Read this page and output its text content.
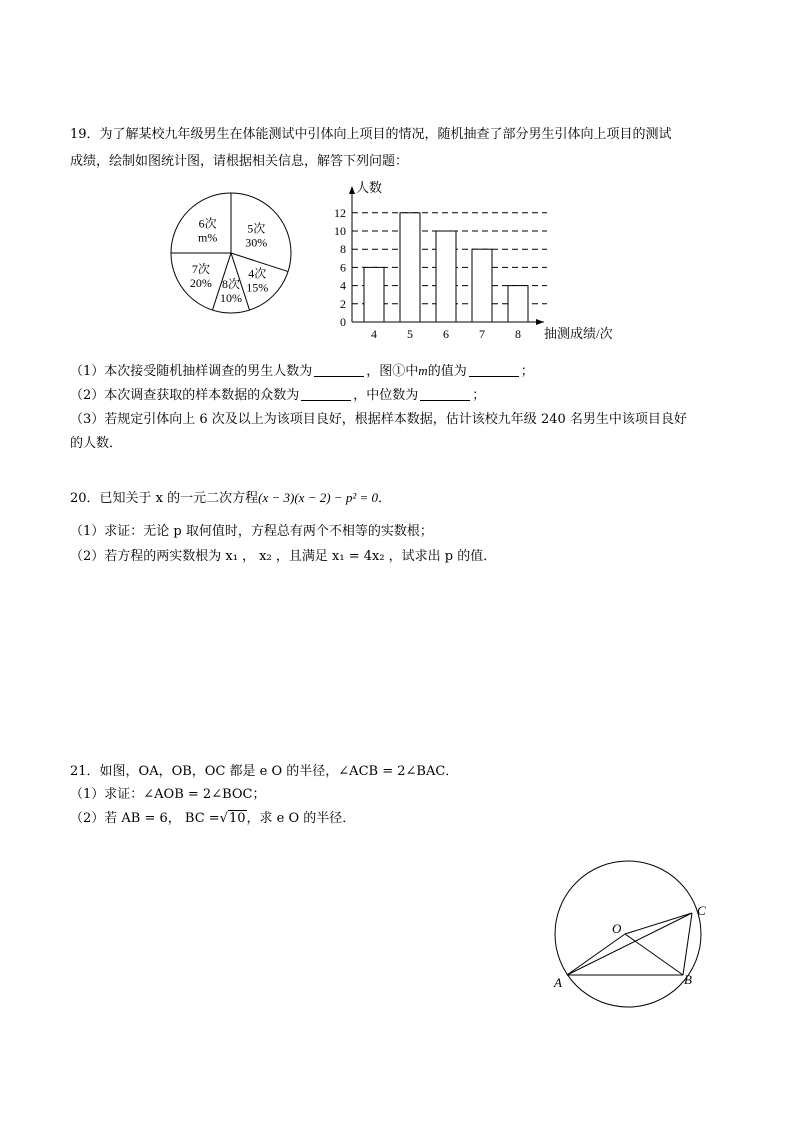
19．为了解某校九年级男生在体能测试中引体向上项目的情况，随机抽查了部分男生引体向上项目的测试
成绩，绘制如图统计图，请根据相关信息，解答下列问题：
5次
30%
4次
15%
8次
10%
7次
20%
6次
m%
人数
抽测成绩/次
0
2
4
6
8
10
12
4	5	6	7	8
（1）本次接受随机抽样调查的男生人数为	，图①中m的值为	；
（2）本次调查获取的样本数据的众数为	，中位数为	；
（3）若规定引体向上 6 次及以上为该项目良好，根据样本数据，估计该校九年级 240 名男生中该项目良好
的人数．
20．已知关于 x 的一元二次方程(x − 3)(x − 2) − p² = 0．
（1）求证：无论 p 取何值时，方程总有两个不相等的实数根；
（2）若方程的两实数根为 x₁ ， x₂ ，且满足 x₁ = 4x₂ ，试求出 p 的值．
21．如图，OA，OB，OC 都是 e O 的半径，∠ACB = 2∠BAC．
（1）求证：∠AOB = 2∠BOC；
（2）若 AB = 6， BC =√10，求 e O 的半径．
O
A	B
C
